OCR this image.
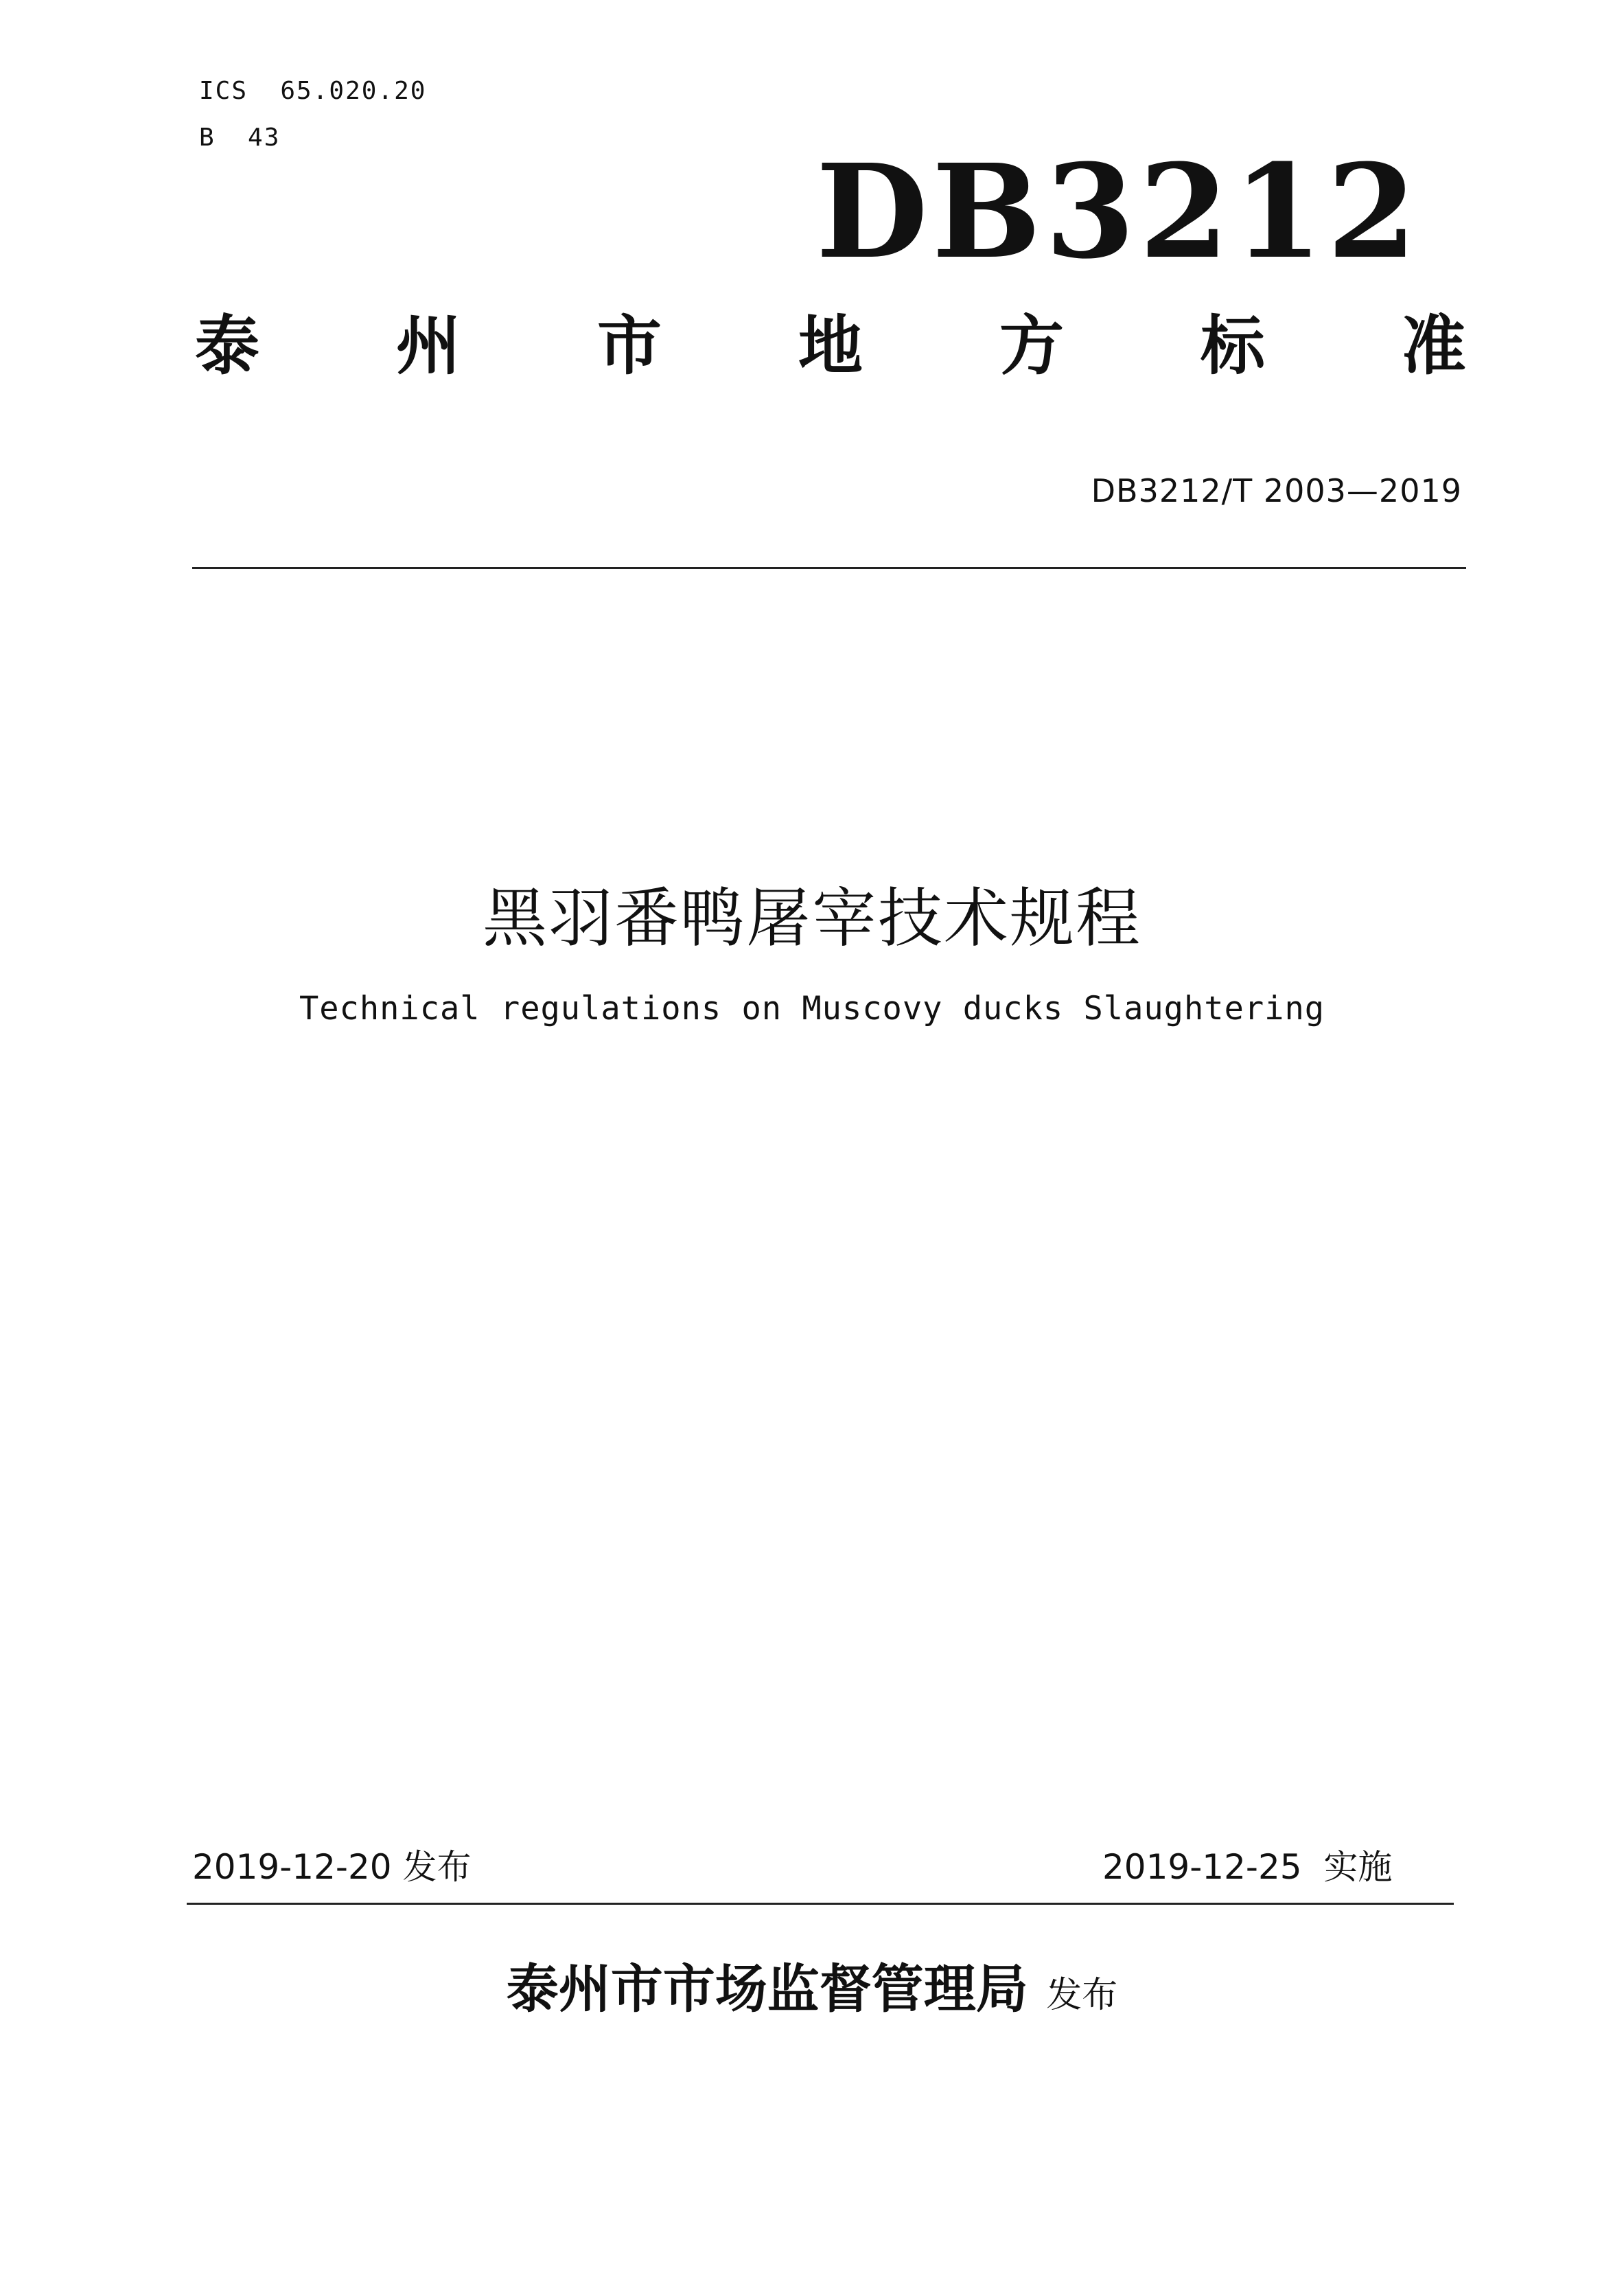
ICS  65.020.20
B  43	DB3212
泰 州 市 地 方 标 准
DB3212/T 2003—2019
黑羽番鸭屠宰技术规程
Technical regulations on Muscovy ducks Slaughtering
2019-12-20 发布	2019-12-25  实施
泰州市市场监督管理局 发布
